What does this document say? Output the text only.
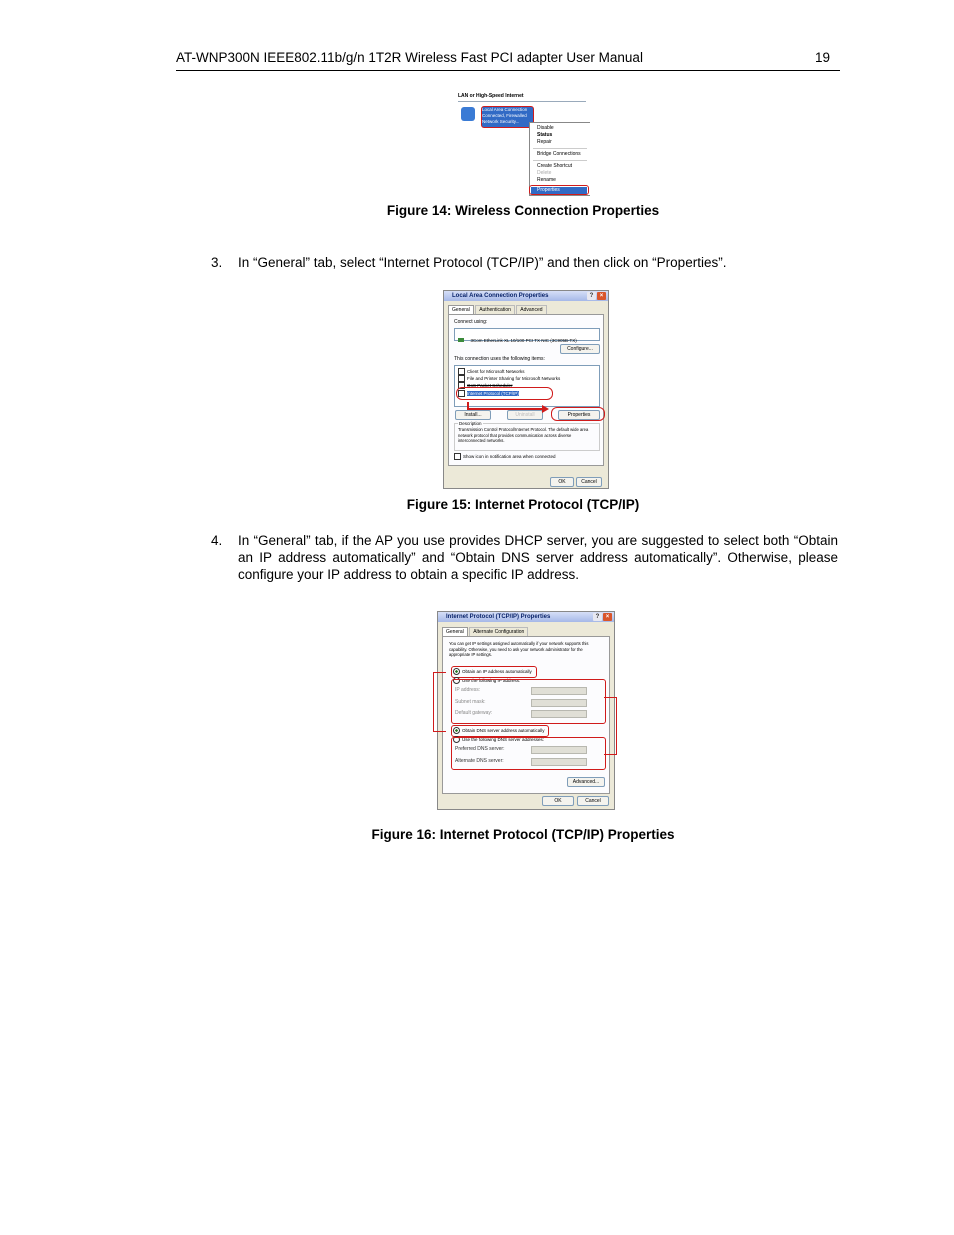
AT-WNP300N IEEE802.11b/g/n 1T2R Wireless Fast PCI adapter User Manual	19
LAN or High-Speed Internet
Local Area Connection
Connected, Firewalled
Network Security...
Disable
Status
Repair
Bridge Connections
Create Shortcut
Delete
Rename
Properties
Figure 14: Wireless Connection Properties
3. In “General” tab, select “Internet Protocol (TCP/IP)” and then click on “Properties”.
Local Area Connection Properties	?	×
General Authentication Advanced
Connect using:
3Com EtherLink XL 10/100 PCI TX NIC (3C905B-TX)
Configure...
This connection uses the following items:
Client for Microsoft Networks
File and Printer Sharing for Microsoft Networks
QoS Packet Scheduler
Internet Protocol (TCP/IP)
Install...	Uninstall	Properties
Description
Transmission Control Protocol/Internet Protocol. The default wide area network protocol that provides communication across diverse interconnected networks.
Show icon in notification area when connected
OK	Cancel
Figure 15: Internet Protocol (TCP/IP)
4. In “General” tab, if the AP you use provides DHCP server, you are suggested to select both “Obtain an IP address automatically” and “Obtain DNS server address automatically”. Otherwise, please configure your IP address to obtain a specific IP address.
Internet Protocol (TCP/IP) Properties	?	×
General Alternate Configuration
You can get IP settings assigned automatically if your network supports this capability. Otherwise, you need to ask your network administrator for the appropriate IP settings.
Obtain an IP address automatically
Use the following IP address:
IP address:
Subnet mask:
Default gateway:
Obtain DNS server address automatically
Use the following DNS server addresses:
Preferred DNS server:
Alternate DNS server:
Advanced...
OK	Cancel
Figure 16: Internet Protocol (TCP/IP) Properties
